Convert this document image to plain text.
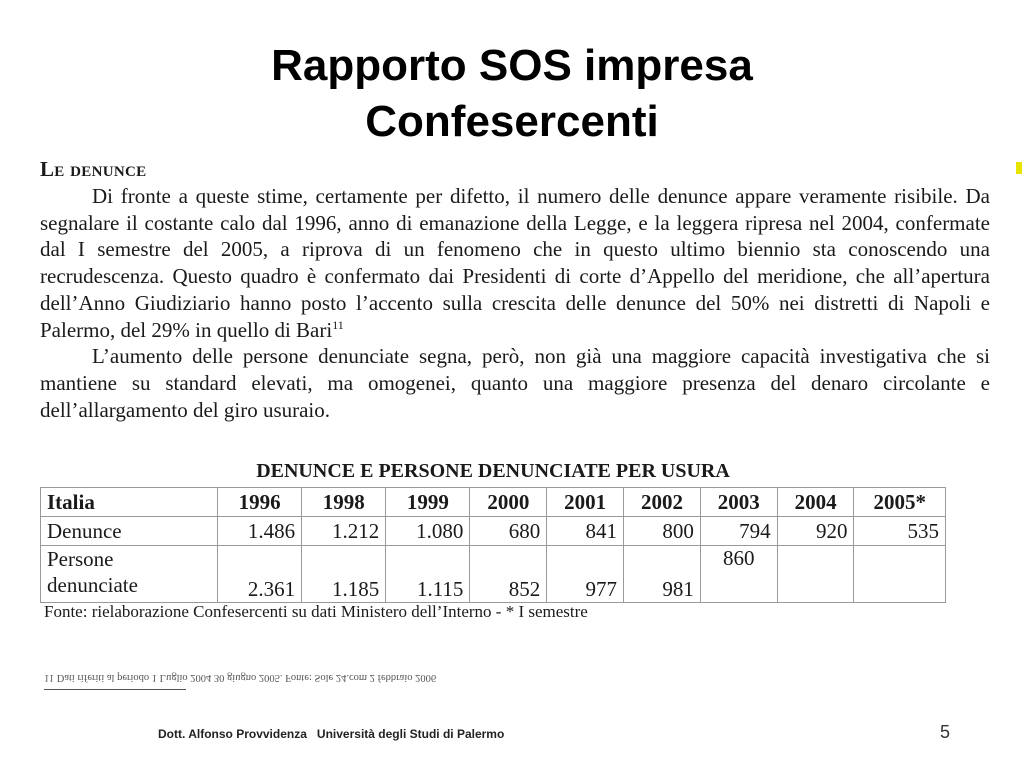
Rapporto SOS impresa
Confesercenti

Le denunce

Di fronte a queste stime, certamente per difetto, il numero delle denunce appare veramente risibile. Da segnalare il costante calo dal 1996, anno di emanazione della Legge, e la leggera ripresa nel 2004, confermate dal I semestre del 2005, a riprova di un fenomeno che in questo ultimo biennio sta conoscendo una recrudescenza. Questo quadro è confermato dai Presidenti di corte d’Appello del meridione, che all’apertura dell’Anno Giudiziario hanno posto l’accento sulla crescita delle denunce del 50% nei distretti di Napoli e Palermo, del 29% in quello di Bari$^{11}$

L’aumento delle persone denunciate segna, però, non già una maggiore capacità investigativa che si mantiene su standard elevati, ma omogenei, quanto una maggiore presenza del denaro circolante e dell’allargamento del giro usuraio.

DENUNCE E PERSONE DENUNCIATE PER USURA

Italia	1996	1998	1999	2000	2001	2002	2003	2004	2005*
Denunce	1.486	1.212	1.080	680	841	800	794	920	535
Persone
denunciate	2.361	1.185	1.115	852	977	981	860		

Fonte: rielaborazione Confesercenti su dati Ministero dell’Interno - * I semestre

11 Dati riferiti al periodo 1 Luglio 2004 30 giugno 2005. Fonte: Sole 24.com 2 febbraio 2006

Dott. Alfonso Provvidenza Università degli Studi di Palermo	5
